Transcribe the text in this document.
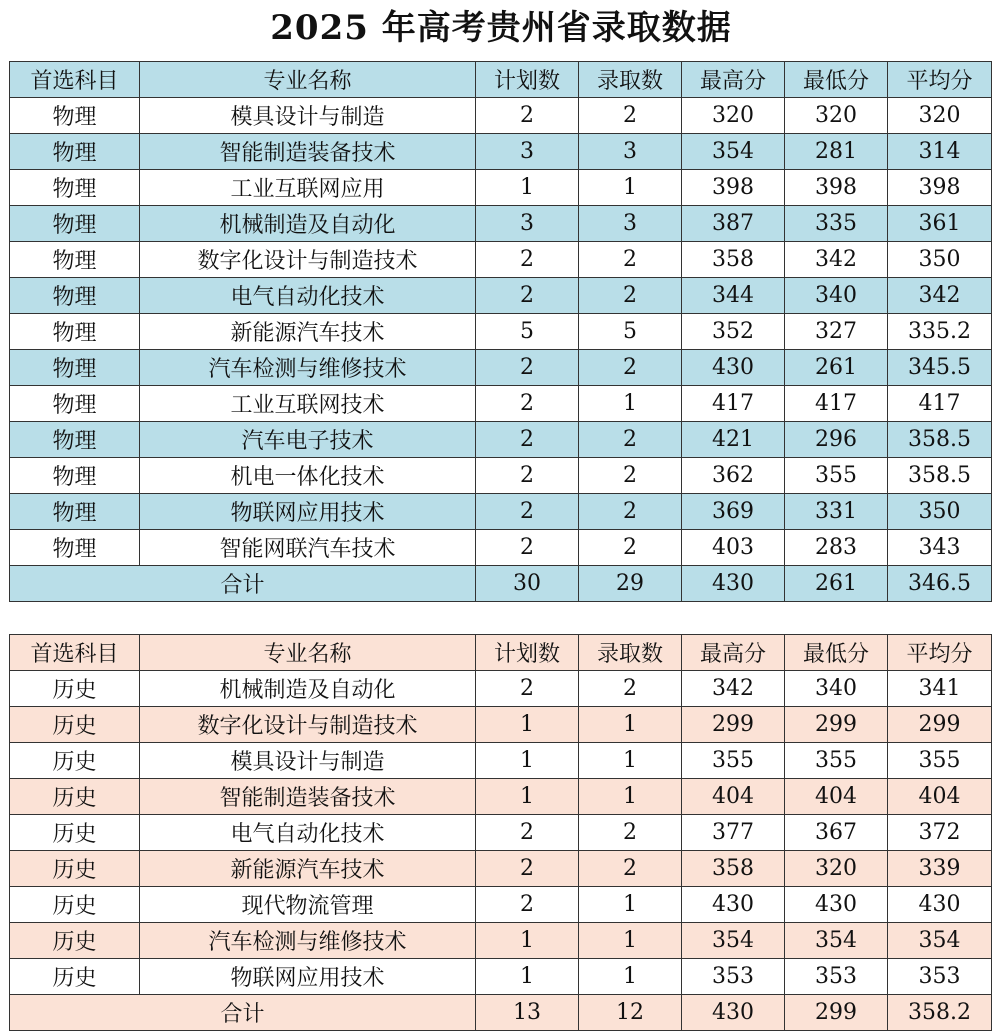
2025 年高考贵州省录取数据
首选科目	专业名称	计划数	录取数	最高分	最低分	平均分
物理	模具设计与制造	2	2	320	320	320
物理	智能制造装备技术	3	3	354	281	314
物理	工业互联网应用	1	1	398	398	398
物理	机械制造及自动化	3	3	387	335	361
物理	数字化设计与制造技术	2	2	358	342	350
物理	电气自动化技术	2	2	344	340	342
物理	新能源汽车技术	5	5	352	327	335.2
物理	汽车检测与维修技术	2	2	430	261	345.5
物理	工业互联网技术	2	1	417	417	417
物理	汽车电子技术	2	2	421	296	358.5
物理	机电一体化技术	2	2	362	355	358.5
物理	物联网应用技术	2	2	369	331	350
物理	智能网联汽车技术	2	2	403	283	343
合计		30	29	430	261	346.5
首选科目	专业名称	计划数	录取数	最高分	最低分	平均分
历史	机械制造及自动化	2	2	342	340	341
历史	数字化设计与制造技术	1	1	299	299	299
历史	模具设计与制造	1	1	355	355	355
历史	智能制造装备技术	1	1	404	404	404
历史	电气自动化技术	2	2	377	367	372
历史	新能源汽车技术	2	2	358	320	339
历史	现代物流管理	2	1	430	430	430
历史	汽车检测与维修技术	1	1	354	354	354
历史	物联网应用技术	1	1	353	353	353
合计		13	12	430	299	358.2
